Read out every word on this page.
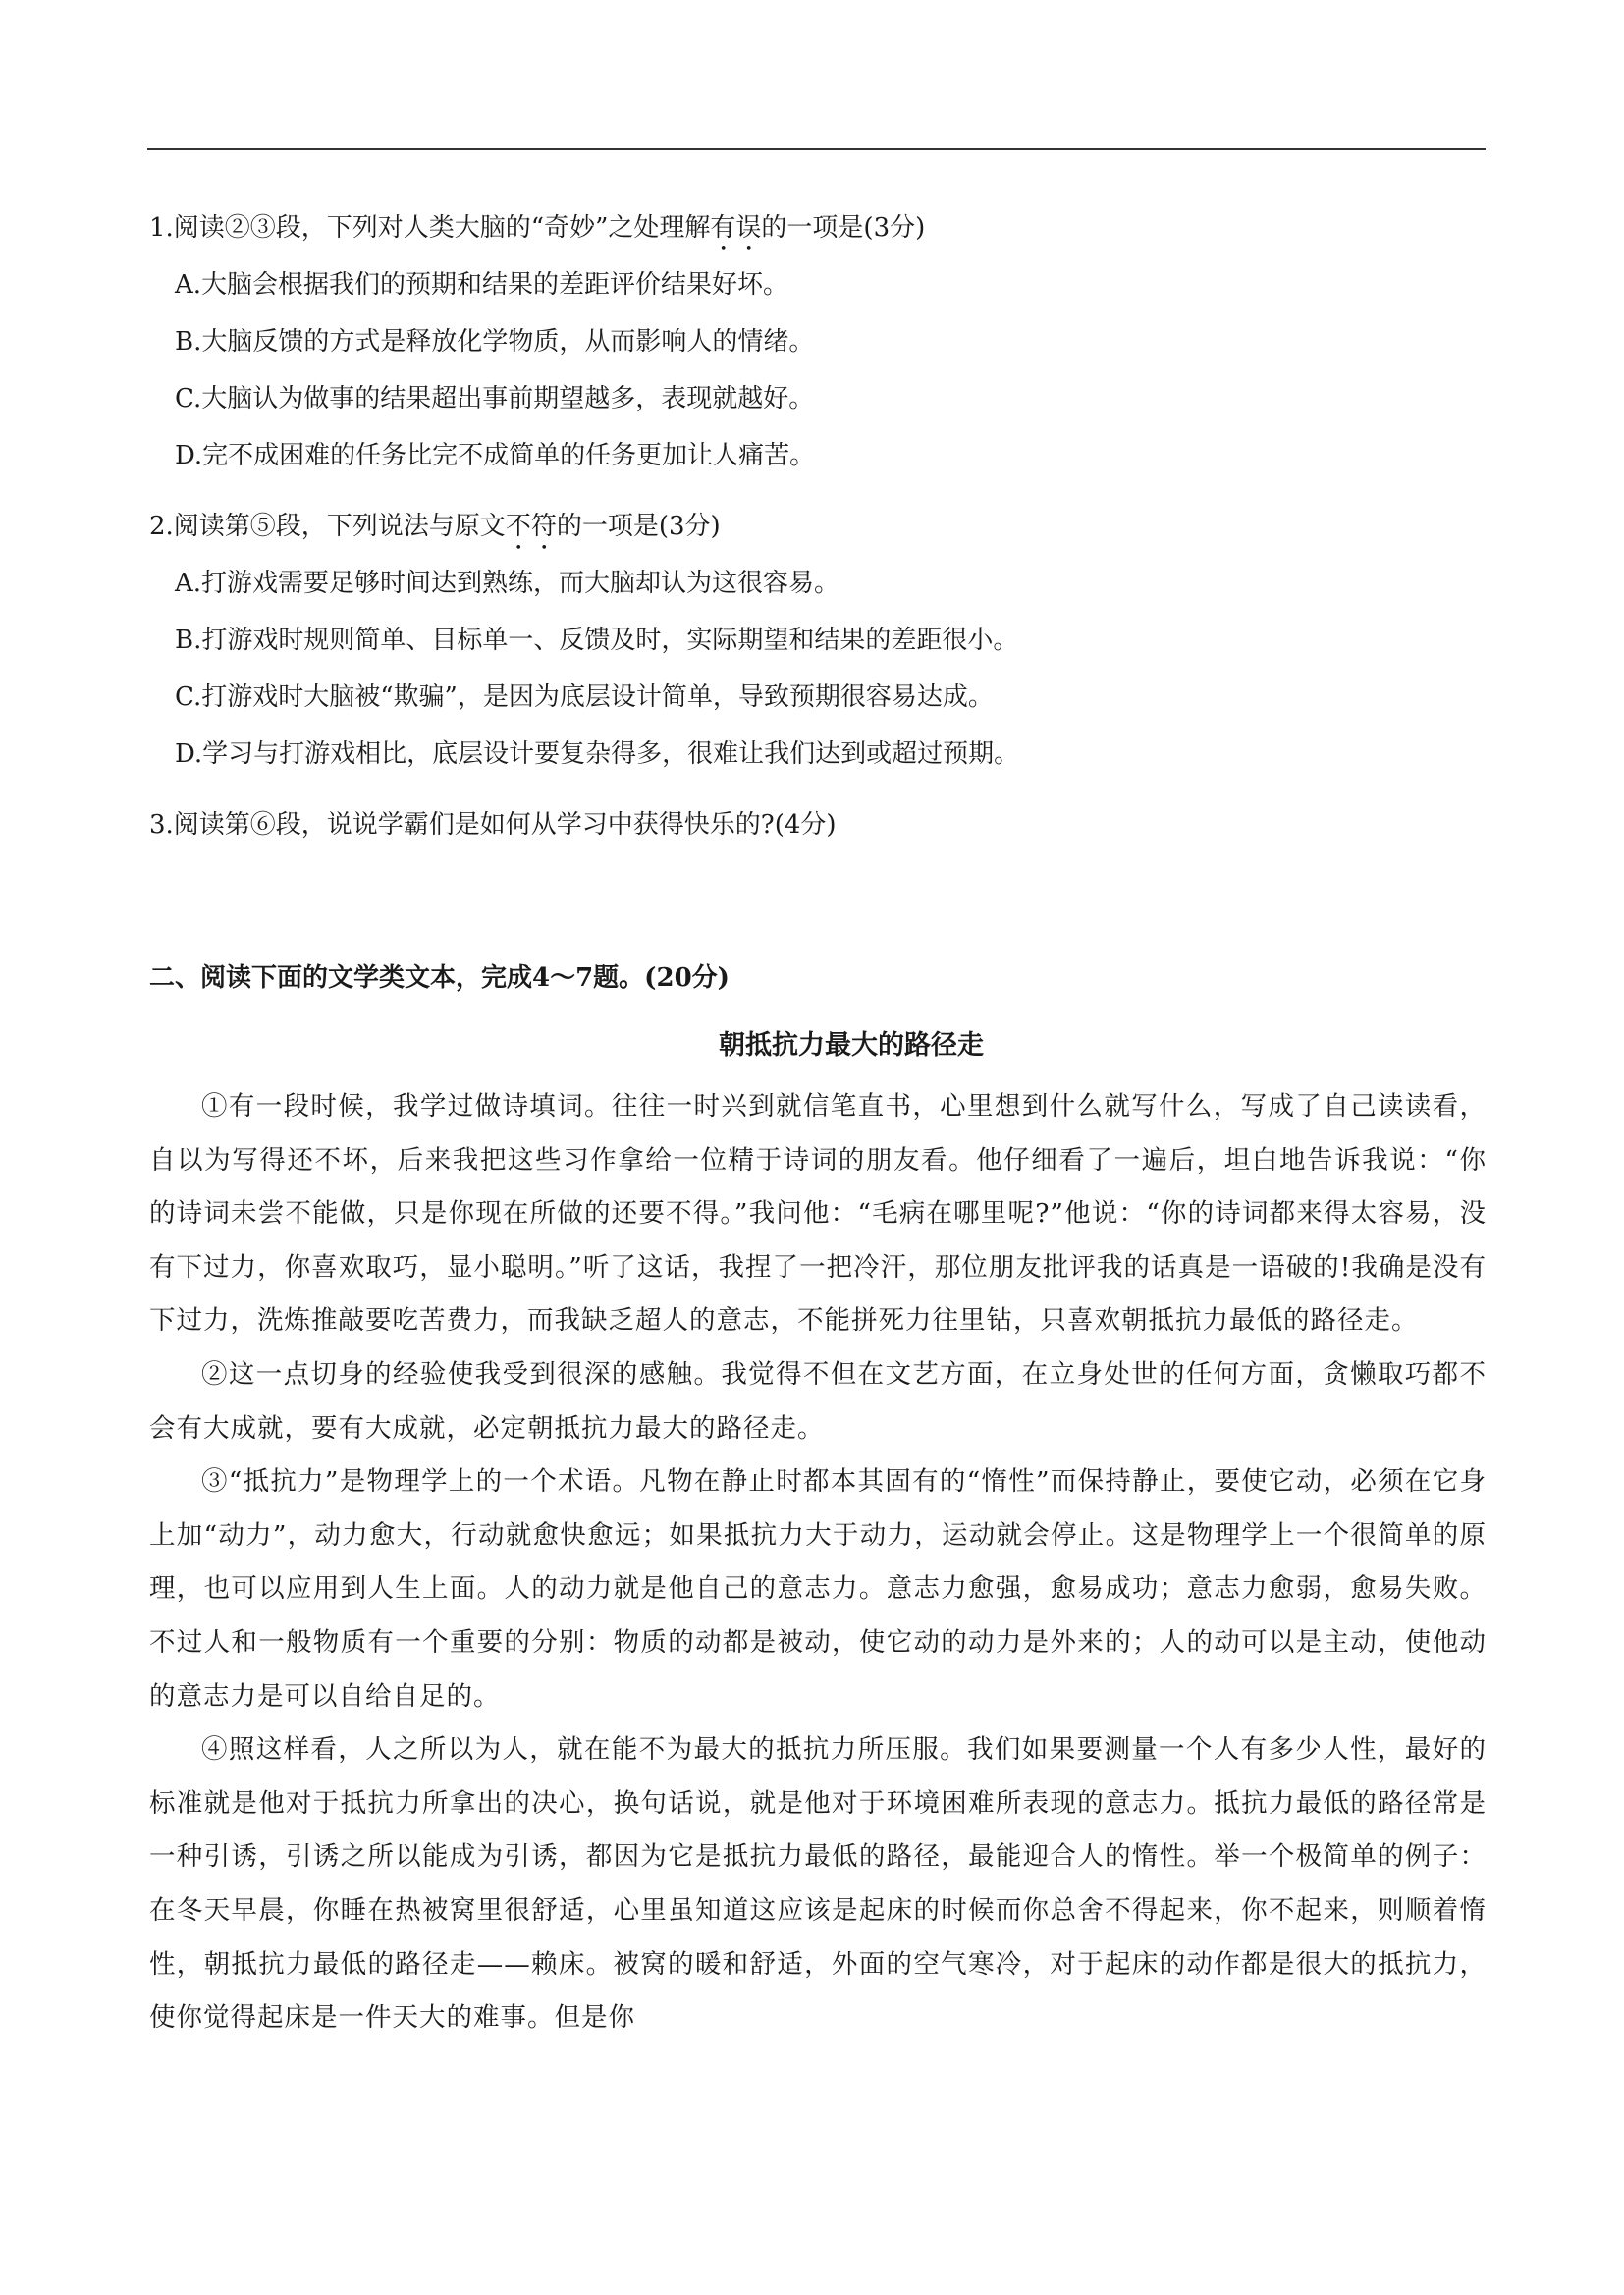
1.阅读②③段，下列对人类大脑的“奇妙”之处理解有误的一项是(3分)

A.大脑会根据我们的预期和结果的差距评价结果好坏。

B.大脑反馈的方式是释放化学物质，从而影响人的情绪。

C.大脑认为做事的结果超出事前期望越多，表现就越好。

D.完不成困难的任务比完不成简单的任务更加让人痛苦。

2.阅读第⑤段，下列说法与原文不符的一项是(3分)

A.打游戏需要足够时间达到熟练，而大脑却认为这很容易。

B.打游戏时规则简单、目标单一、反馈及时，实际期望和结果的差距很小。

C.打游戏时大脑被“欺骗”，是因为底层设计简单，导致预期很容易达成。

D.学习与打游戏相比，底层设计要复杂得多，很难让我们达到或超过预期。

3.阅读第⑥段，说说学霸们是如何从学习中获得快乐的?(4分)

二、阅读下面的文学类文本，完成4～7题。(20分)

朝抵抗力最大的路径走

①有一段时候，我学过做诗填词。往往一时兴到就信笔直书，心里想到什么就写什么，写成了自己读读看，自以为写得还不坏，后来我把这些习作拿给一位精于诗词的朋友看。他仔细看了一遍后，坦白地告诉我说：“你的诗词未尝不能做，只是你现在所做的还要不得。”我问他：“毛病在哪里呢?”他说：“你的诗词都来得太容易，没有下过力，你喜欢取巧，显小聪明。”听了这话，我捏了一把冷汗，那位朋友批评我的话真是一语破的!我确是没有下过力，洗炼推敲要吃苦费力，而我缺乏超人的意志，不能拼死力往里钻，只喜欢朝抵抗力最低的路径走。

②这一点切身的经验使我受到很深的感触。我觉得不但在文艺方面，在立身处世的任何方面，贪懒取巧都不会有大成就，要有大成就，必定朝抵抗力最大的路径走。

③“抵抗力”是物理学上的一个术语。凡物在静止时都本其固有的“惰性”而保持静止，要使它动，必须在它身上加“动力”，动力愈大，行动就愈快愈远；如果抵抗力大于动力，运动就会停止。这是物理学上一个很简单的原理，也可以应用到人生上面。人的动力就是他自己的意志力。意志力愈强，愈易成功；意志力愈弱，愈易失败。不过人和一般物质有一个重要的分别：物质的动都是被动，使它动的动力是外来的；人的动可以是主动，使他动的意志力是可以自给自足的。

④照这样看，人之所以为人，就在能不为最大的抵抗力所压服。我们如果要测量一个人有多少人性，最好的标准就是他对于抵抗力所拿出的决心，换句话说，就是他对于环境困难所表现的意志力。抵抗力最低的路径常是一种引诱，引诱之所以能成为引诱，都因为它是抵抗力最低的路径，最能迎合人的惰性。举一个极简单的例子：在冬天早晨，你睡在热被窝里很舒适，心里虽知道这应该是起床的时候而你总舍不得起来，你不起来，则顺着惰性，朝抵抗力最低的路径走——赖床。被窝的暖和舒适，外面的空气寒冷，对于起床的动作都是很大的抵抗力，使你觉得起床是一件天大的难事。但是你
